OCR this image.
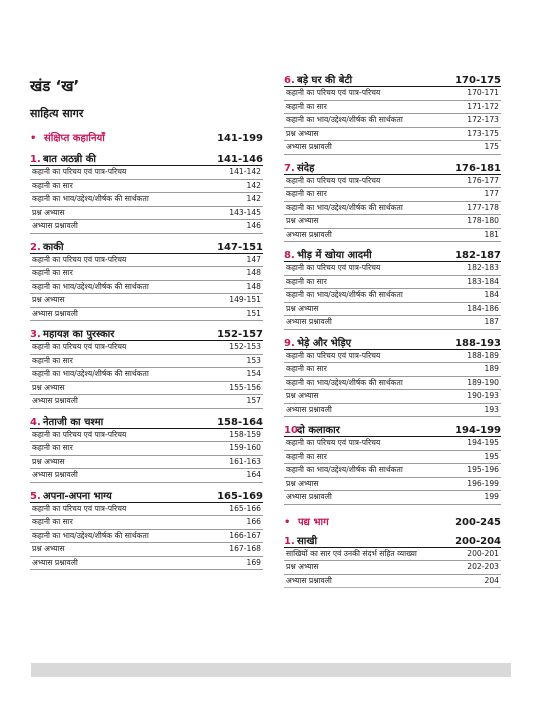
खंड ‘ख’
साहित्य सागर
• संक्षिप्त कहानियाँ	141-199
1. बात अठन्नी की	141-146
कहानी का परिचय एवं पात्र-परिचय	141-142
कहानी का सार	142
कहानी का भाव/उद्देश्य/शीर्षक की सार्थकता	142
प्रश्न अभ्यास	143-145
अभ्यास प्रश्नावली	146
2. काकी	147-151
कहानी का परिचय एवं पात्र-परिचय	147
कहानी का सार	148
कहानी का भाव/उद्देश्य/शीर्षक की सार्थकता	148
प्रश्न अभ्यास	149-151
अभ्यास प्रश्नावली	151
3. महायज्ञ का पुरस्कार	152-157
कहानी का परिचय एवं पात्र-परिचय	152-153
कहानी का सार	153
कहानी का भाव/उद्देश्य/शीर्षक की सार्थकता	154
प्रश्न अभ्यास	155-156
अभ्यास प्रश्नावली	157
4. नेताजी का चश्मा	158-164
कहानी का परिचय एवं पात्र-परिचय	158-159
कहानी का सार	159-160
प्रश्न अभ्यास	161-163
अभ्यास प्रश्नावली	164
5. अपना-अपना भाग्य	165-169
कहानी का परिचय एवं पात्र-परिचय	165-166
कहानी का सार	166
कहानी का भाव/उद्देश्य/शीर्षक की सार्थकता	166-167
प्रश्न अभ्यास	167-168
अभ्यास प्रश्नावली	169
6. बड़े घर की बेटी	170-175
कहानी का परिचय एवं पात्र-परिचय	170-171
कहानी का सार	171-172
कहानी का भाव/उद्देश्य/शीर्षक की सार्थकता	172-173
प्रश्न अभ्यास	173-175
अभ्यास प्रश्नावली	175
7. संदेह	176-181
कहानी का परिचय एवं पात्र-परिचय	176-177
कहानी का सार	177
कहानी का भाव/उद्देश्य/शीर्षक की सार्थकता	177-178
प्रश्न अभ्यास	178-180
अभ्यास प्रश्नावली	181
8. भीड़ में खोया आदमी	182-187
कहानी का परिचय एवं पात्र-परिचय	182-183
कहानी का सार	183-184
कहानी का भाव/उद्देश्य/शीर्षक की सार्थकता	184
प्रश्न अभ्यास	184-186
अभ्यास प्रश्नावली	187
9. भेड़े और भेड़िए	188-193
कहानी का परिचय एवं पात्र-परिचय	188-189
कहानी का सार	189
कहानी का भाव/उद्देश्य/शीर्षक की सार्थकता	189-190
प्रश्न अभ्यास	190-193
अभ्यास प्रश्नावली	193
10.
दो कलाकार	194-199
कहानी का परिचय एवं पात्र-परिचय	194-195
कहानी का सार	195
कहानी का भाव/उद्देश्य/शीर्षक की सार्थकता	195-196
प्रश्न अभ्यास	196-199
अभ्यास प्रश्नावली	199
• पद्य भाग	200-245
1. साखी	200-204
साखियों का सार एवं उनकी संदर्भ सहित व्याख्या	200-201
प्रश्न अभ्यास	202-203
अभ्यास प्रश्नावली	204
